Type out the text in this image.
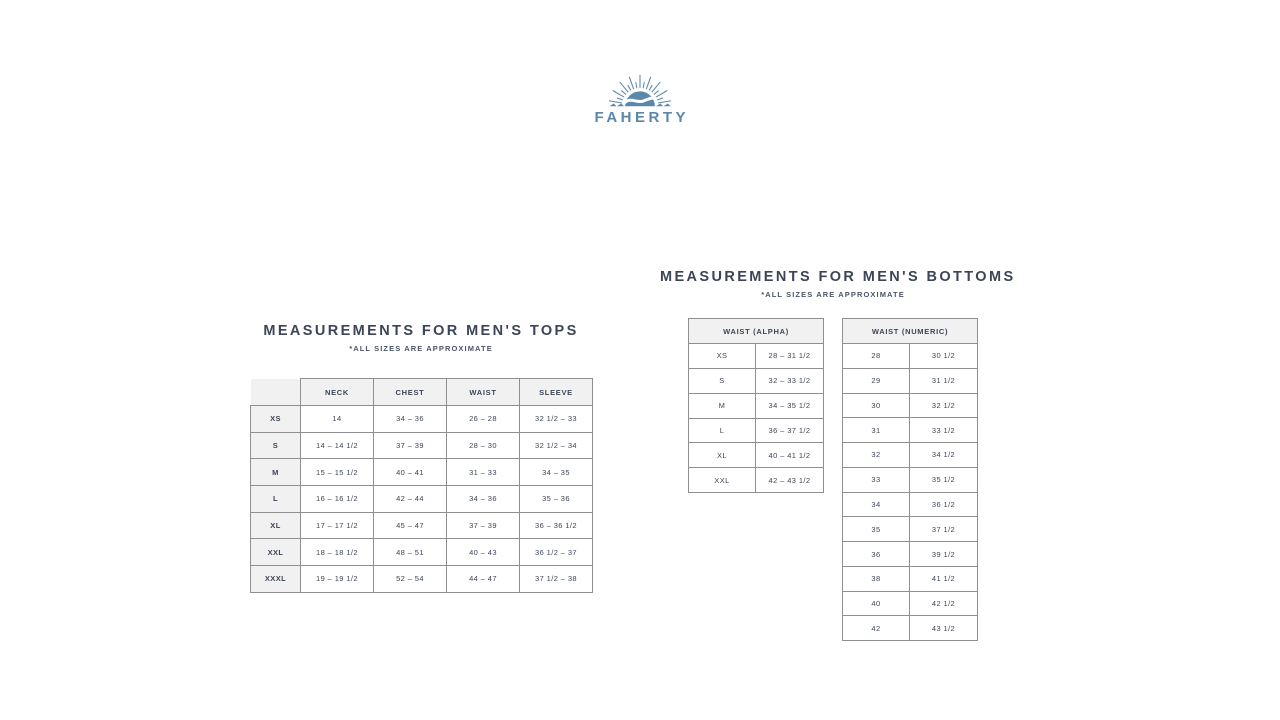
FAHERTY
MEASUREMENTS FOR MEN'S TOPS
*ALL SIZES ARE APPROXIMATE
	NECK	CHEST	WAIST	SLEEVE
XS	14	34 – 36	26 – 28	32 1/2 – 33
S	14 – 14 1/2	37 – 39	28 – 30	32 1/2 – 34
M	15 – 15 1/2	40 – 41	31 – 33	34 – 35
L	16 – 16 1/2	42 – 44	34 – 36	35 – 36
XL	17 – 17 1/2	45 – 47	37 – 39	36 – 36 1/2
XXL	18 – 18 1/2	48 – 51	40 – 43	36 1/2 – 37
XXXL	19 – 19 1/2	52 – 54	44 – 47	37 1/2 – 38
MEASUREMENTS FOR MEN'S BOTTOMS
*ALL SIZES ARE APPROXIMATE
WAIST (ALPHA)	
XS	28 – 31 1/2
S	32 – 33 1/2
M	34 – 35 1/2
L	36 – 37 1/2
XL	40 – 41 1/2
XXL	42 – 43 1/2
WAIST (NUMERIC)	
28	30 1/2
29	31 1/2
30	32 1/2
31	33 1/2
32	34 1/2
33	35 1/2
34	36 1/2
35	37 1/2
36	39 1/2
38	41 1/2
40	42 1/2
42	43 1/2
